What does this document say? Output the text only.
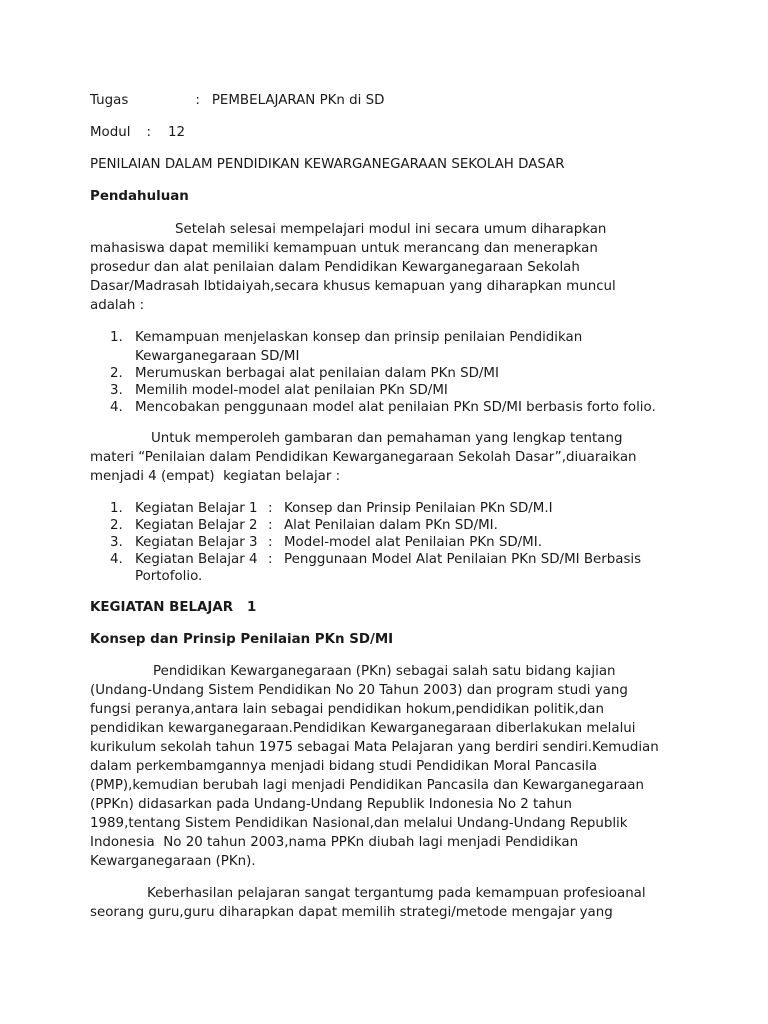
Tugas	: PEMBELAJARAN PKn di SD
Modul : 12
PENILAIAN DALAM PENDIDIKAN KEWARGANEGARAAN SEKOLAH DASAR
Pendahuluan
Setelah selesai mempelajari modul ini secara umum diharapkan
mahasiswa dapat memiliki kemampuan untuk merancang dan menerapkan
prosedur dan alat penilaian dalam Pendidikan Kewarganegaraan Sekolah
Dasar/Madrasah Ibtidaiyah,secara khusus kemapuan yang diharapkan muncul
adalah :
1. Kemampuan menjelaskan konsep dan prinsip penilaian Pendidikan
Kewarganegaraan SD/MI
2. Merumuskan berbagai alat penilaian dalam PKn SD/MI
3. Memilih model-model alat penilaian PKn SD/MI
4. Mencobakan penggunaan model alat penilaian PKn SD/MI berbasis forto folio.
Untuk memperoleh gambaran dan pemahaman yang lengkap tentang
materi “Penilaian dalam Pendidikan Kewarganegaraan Sekolah Dasar”,diuaraikan
menjadi 4 (empat)  kegiatan belajar :
1. Kegiatan Belajar 1 : Konsep dan Prinsip Penilaian PKn SD/M.I
2. Kegiatan Belajar 2 : Alat Penilaian dalam PKn SD/MI.
3. Kegiatan Belajar 3 : Model-model alat Penilaian PKn SD/MI.
4. Kegiatan Belajar 4 : Penggunaan Model Alat Penilaian PKn SD/MI Berbasis
Portofolio.
KEGIATAN BELAJAR   1
Konsep dan Prinsip Penilaian PKn SD/MI
Pendidikan Kewarganegaraan (PKn) sebagai salah satu bidang kajian
(Undang-Undang Sistem Pendidikan No 20 Tahun 2003) dan program studi yang
fungsi peranya,antara lain sebagai pendidikan hokum,pendidikan politik,dan
pendidikan kewarganegaraan.Pendidikan Kewarganegaraan diberlakukan melalui
kurikulum sekolah tahun 1975 sebagai Mata Pelajaran yang berdiri sendiri.Kemudian
dalam perkembamgannya menjadi bidang studi Pendidikan Moral Pancasila
(PMP),kemudian berubah lagi menjadi Pendidikan Pancasila dan Kewarganegaraan
(PPKn) didasarkan pada Undang-Undang Republik Indonesia No 2 tahun
1989,tentang Sistem Pendidikan Nasional,dan melalui Undang-Undang Republik
Indonesia  No 20 tahun 2003,nama PPKn diubah lagi menjadi Pendidikan
Kewarganegaraan (PKn).
Keberhasilan pelajaran sangat tergantumg pada kemampuan profesioanal
seorang guru,guru diharapkan dapat memilih strategi/metode mengajar yang
